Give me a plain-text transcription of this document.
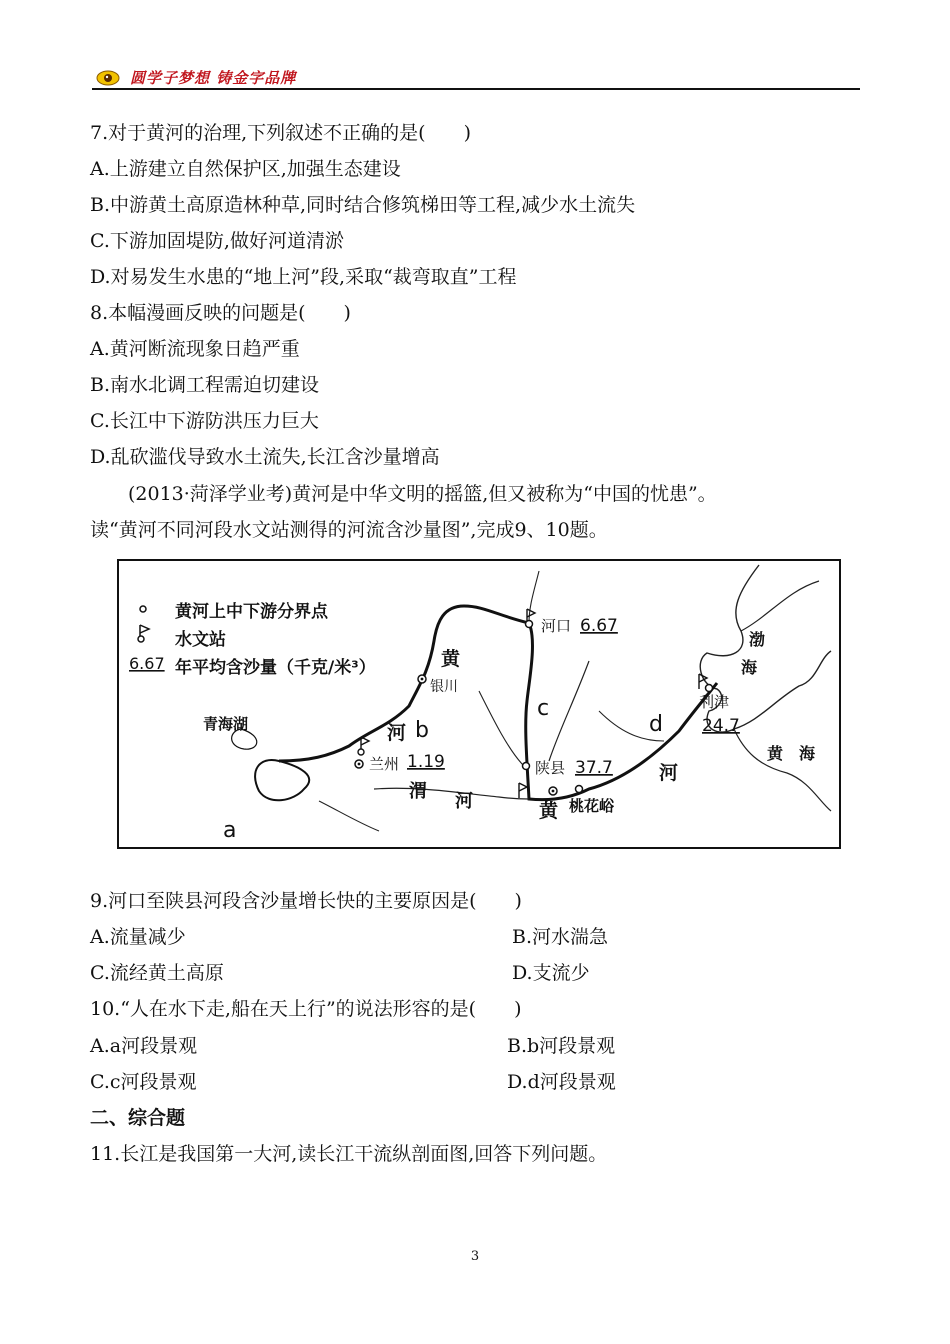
圆学子梦想 铸金字品牌
7.对于黄河的治理,下列叙述不正确的是(　　)
A.上游建立自然保护区,加强生态建设
B.中游黄土高原造林种草,同时结合修筑梯田等工程,减少水土流失
C.下游加固堤防,做好河道清淤
D.对易发生水患的“地上河”段,采取“裁弯取直”工程
8.本幅漫画反映的问题是(　　)
A.黄河断流现象日趋严重
B.南水北调工程需迫切建设
C.长江中下游防洪压力巨大
D.乱砍滥伐导致水土流失,长江含沙量增高
(2013·菏泽学业考)黄河是中华文明的摇篮,但又被称为“中国的忧患”。
读“黄河不同河段水文站测得的河流含沙量图”,完成9、10题。
黄河上中下游分界点
水文站
6.67 年平均含沙量（千克/米³）
青海湖
兰州 1.19
银川
河口 6.67
陕县 37.7
桃花峪
利津
24.7
渭 河
渤
海
黄　海
黄
河
黄
河
a
b
c
d
9.河口至陕县河段含沙量增长快的主要原因是(　　)
A.流量减少	B.河水湍急
C.流经黄土高原	D.支流少
10.“人在水下走,船在天上行”的说法形容的是(　　)
A.a河段景观	B.b河段景观
C.c河段景观	D.d河段景观
二、综合题
11.长江是我国第一大河,读长江干流纵剖面图,回答下列问题。
3
